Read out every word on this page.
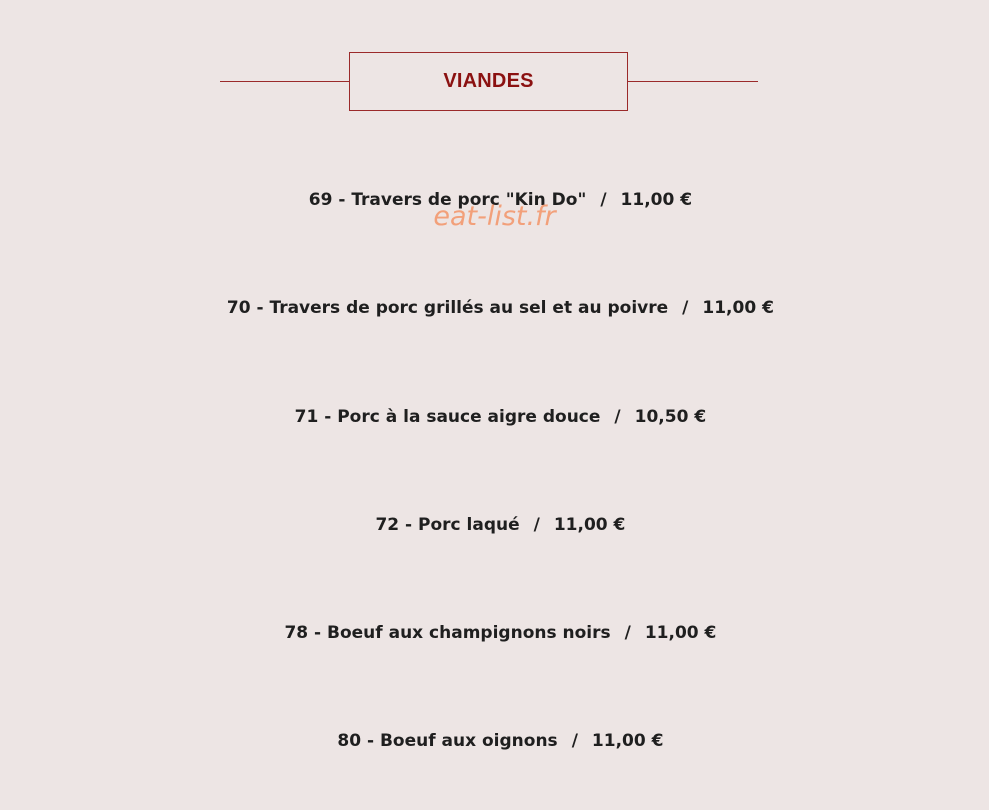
VIANDES

69 - Travers de porc "Kin Do" / 11,00 €

eat-list.fr

70 - Travers de porc grillés au sel et au poivre / 11,00 €

71 - Porc à la sauce aigre douce / 10,50 €

72 - Porc laqué / 11,00 €

78 - Boeuf aux champignons noirs / 11,00 €

80 - Boeuf aux oignons / 11,00 €
